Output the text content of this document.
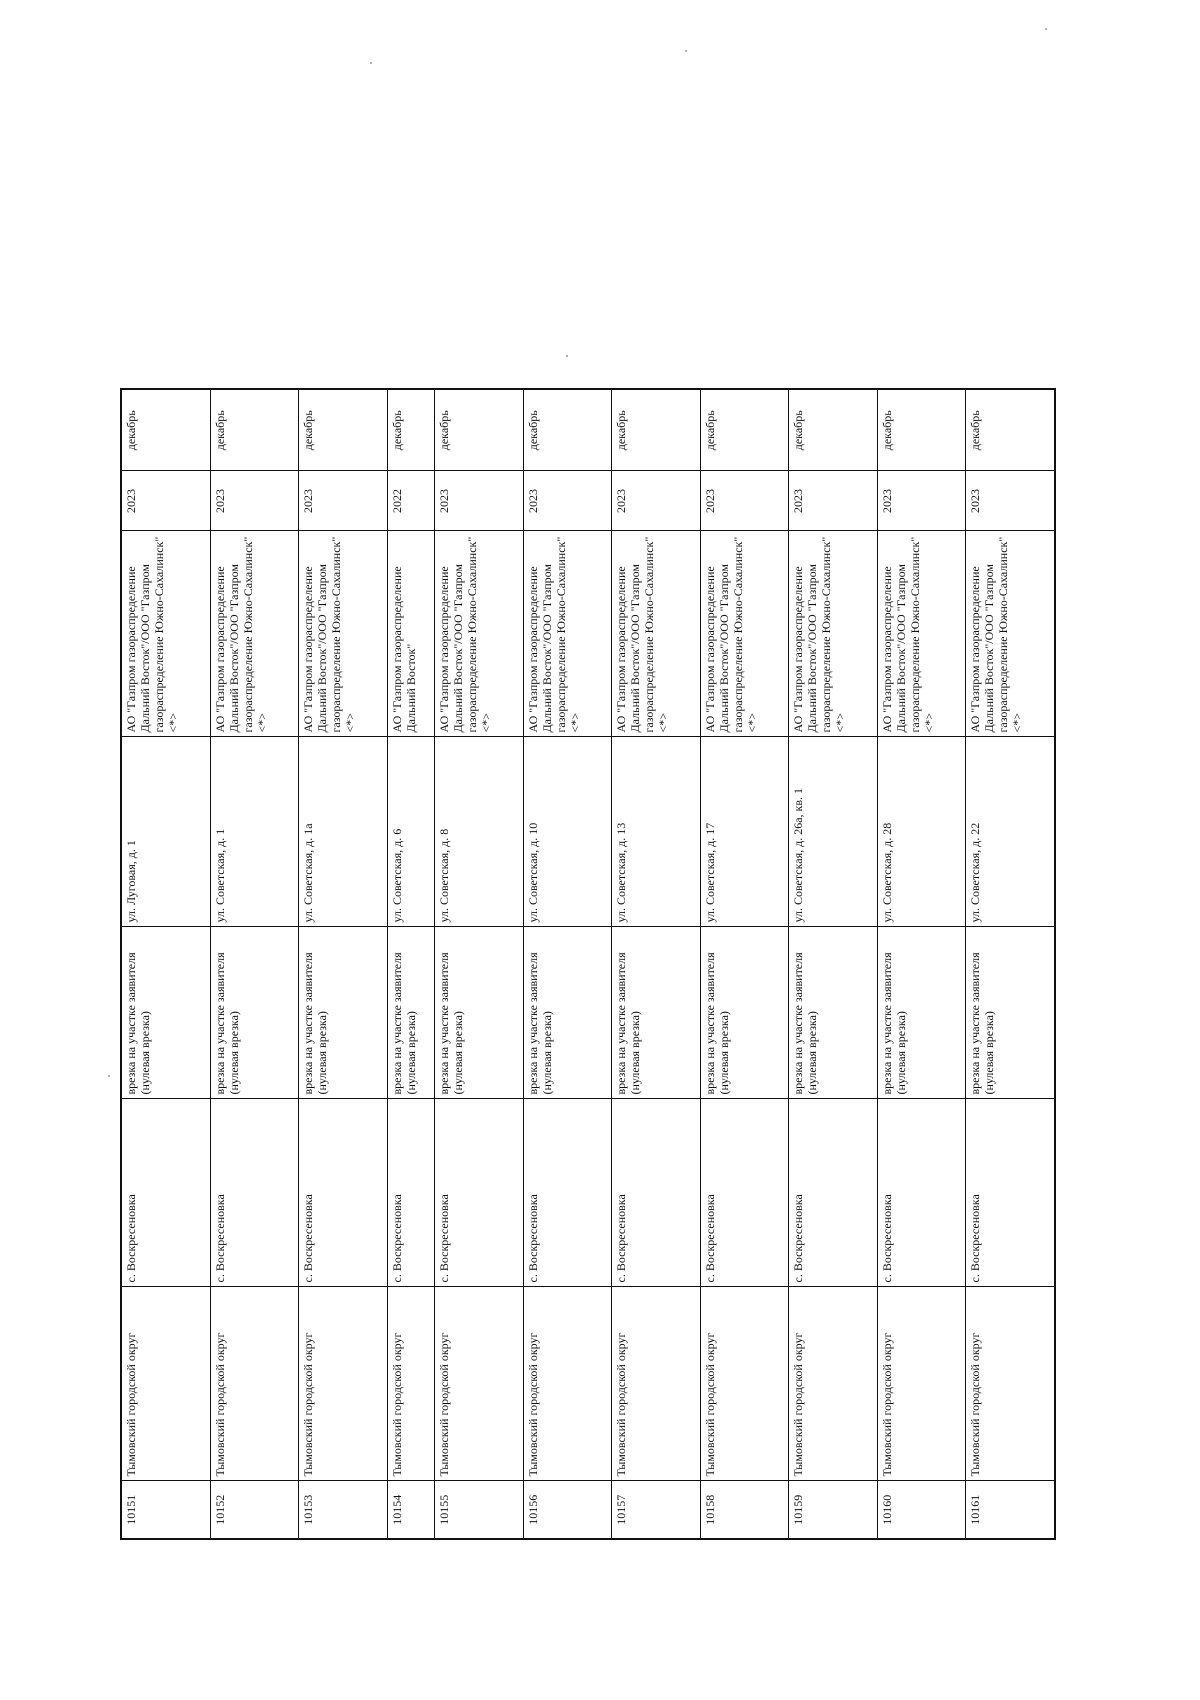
10151	Тымовский городской округ	с. Воскресеновка	врезка на участке заявителя (нулевая врезка)	ул. Луговая, д. 1	АО "Газпром газораспределение Дальний Восток"/ООО "Газпром газораспределение Южно-Сахалинск" <*>	2023	декабрь
10152	Тымовский городской округ	с. Воскресеновка	врезка на участке заявителя (нулевая врезка)	ул. Советская, д. 1	АО "Газпром газораспределение Дальний Восток"/ООО "Газпром газораспределение Южно-Сахалинск" <*>	2023	декабрь
10153	Тымовский городской округ	с. Воскресеновка	врезка на участке заявителя (нулевая врезка)	ул. Советская, д. 1а	АО "Газпром газораспределение Дальний Восток"/ООО "Газпром газораспределение Южно-Сахалинск" <*>	2023	декабрь
10154	Тымовский городской округ	с. Воскресеновка	врезка на участке заявителя (нулевая врезка)	ул. Советская, д. 6	АО "Газпром газораспределение Дальний Восток"	2022	декабрь
10155	Тымовский городской округ	с. Воскресеновка	врезка на участке заявителя (нулевая врезка)	ул. Советская, д. 8	АО "Газпром газораспределение Дальний Восток"/ООО "Газпром газораспределение Южно-Сахалинск" <*>	2023	декабрь
10156	Тымовский городской округ	с. Воскресеновка	врезка на участке заявителя (нулевая врезка)	ул. Советская, д. 10	АО "Газпром газораспределение Дальний Восток"/ООО "Газпром газораспределение Южно-Сахалинск" <*>	2023	декабрь
10157	Тымовский городской округ	с. Воскресеновка	врезка на участке заявителя (нулевая врезка)	ул. Советская, д. 13	АО "Газпром газораспределение Дальний Восток"/ООО "Газпром газораспределение Южно-Сахалинск" <*>	2023	декабрь
10158	Тымовский городской округ	с. Воскресеновка	врезка на участке заявителя (нулевая врезка)	ул. Советская, д. 17	АО "Газпром газораспределение Дальний Восток"/ООО "Газпром газораспределение Южно-Сахалинск" <*>	2023	декабрь
10159	Тымовский городской округ	с. Воскресеновка	врезка на участке заявителя (нулевая врезка)	ул. Советская, д. 26а, кв. 1	АО "Газпром газораспределение Дальний Восток"/ООО "Газпром газораспределение Южно-Сахалинск" <*>	2023	декабрь
10160	Тымовский городской округ	с. Воскресеновка	врезка на участке заявителя (нулевая врезка)	ул. Советская, д. 28	АО "Газпром газораспределение Дальний Восток"/ООО "Газпром газораспределение Южно-Сахалинск" <*>	2023	декабрь
10161	Тымовский городской округ	с. Воскресеновка	врезка на участке заявителя (нулевая врезка)	ул. Советская, д. 22	АО "Газпром газораспределение Дальний Восток"/ООО "Газпром газораспределение Южно-Сахалинск" <*>	2023	декабрь
